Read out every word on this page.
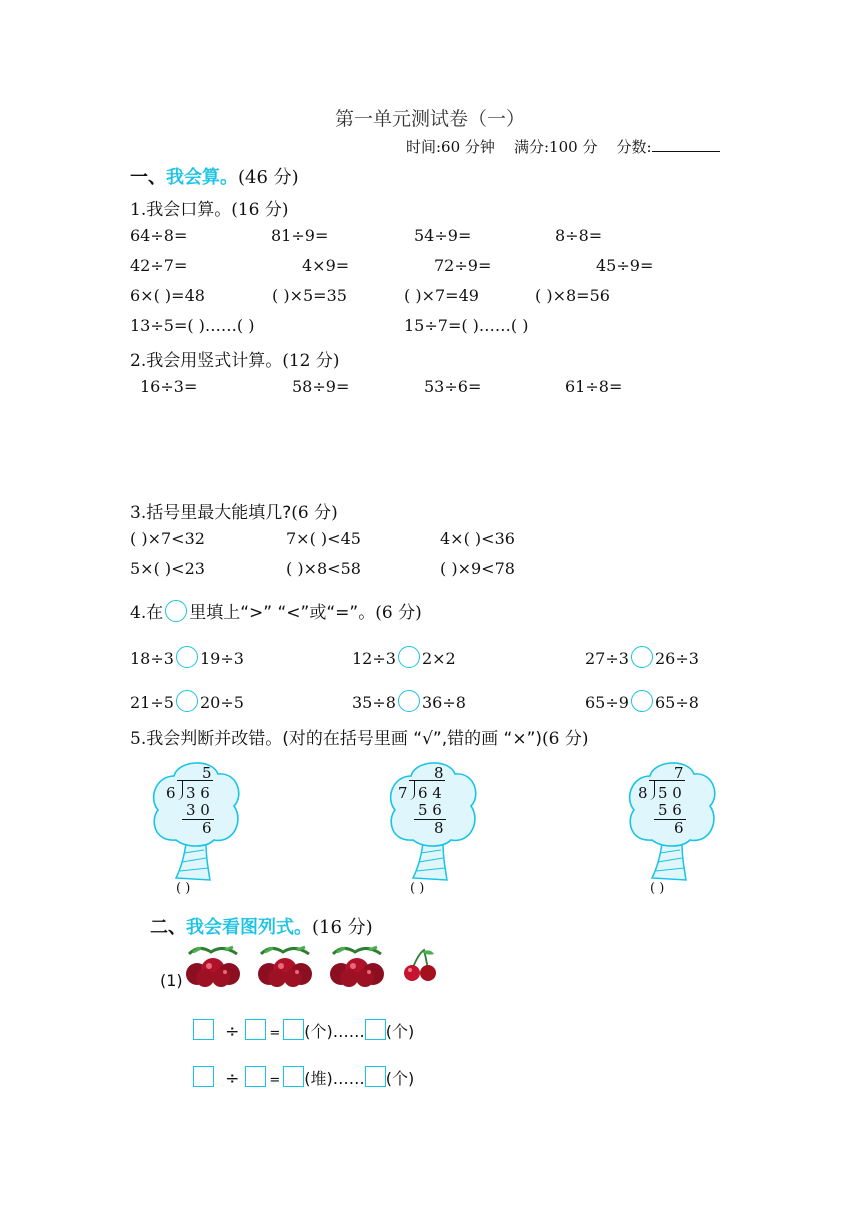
第一单元测试卷（一）
时间:60 分钟 满分:100 分 分数:
一、我会算。(46 分)
1.我会口算。(16 分)
64÷8=	81÷9=	54÷9=	8÷8=
42÷7=	4×9=	72÷9=	45÷9=
6×( )=48	( )×5=35	( )×7=49	( )×8=56
13÷5=( )……( )	15÷7=( )……( )
2.我会用竖式计算。(12 分)
16÷3=	58÷9=	53÷6=	61÷8=
3.括号里最大能填几?(6 分)
( )×7<32	7×( )<45	4×( )<36
5×( )<23	( )×8<58	( )×9<78
4.在 里填上“>” “<”或“=”。(6 分)
18÷3 19÷3	12÷3 2×2	27÷3 26÷3
21÷5 20÷5	35÷8 36÷8	65÷9 65÷8
5.我会判断并改错。(对的在括号里画 “√”,错的画 “×”)(6 分)
5
6 3 6
3 0
6
( )
8
7 6 4
5 6
8
( )
7
8 5 0
5 6
6
( )
二、我会看图列式。(16 分)
(1)
÷ = (个)…… (个)
÷ = (堆)…… (个)
